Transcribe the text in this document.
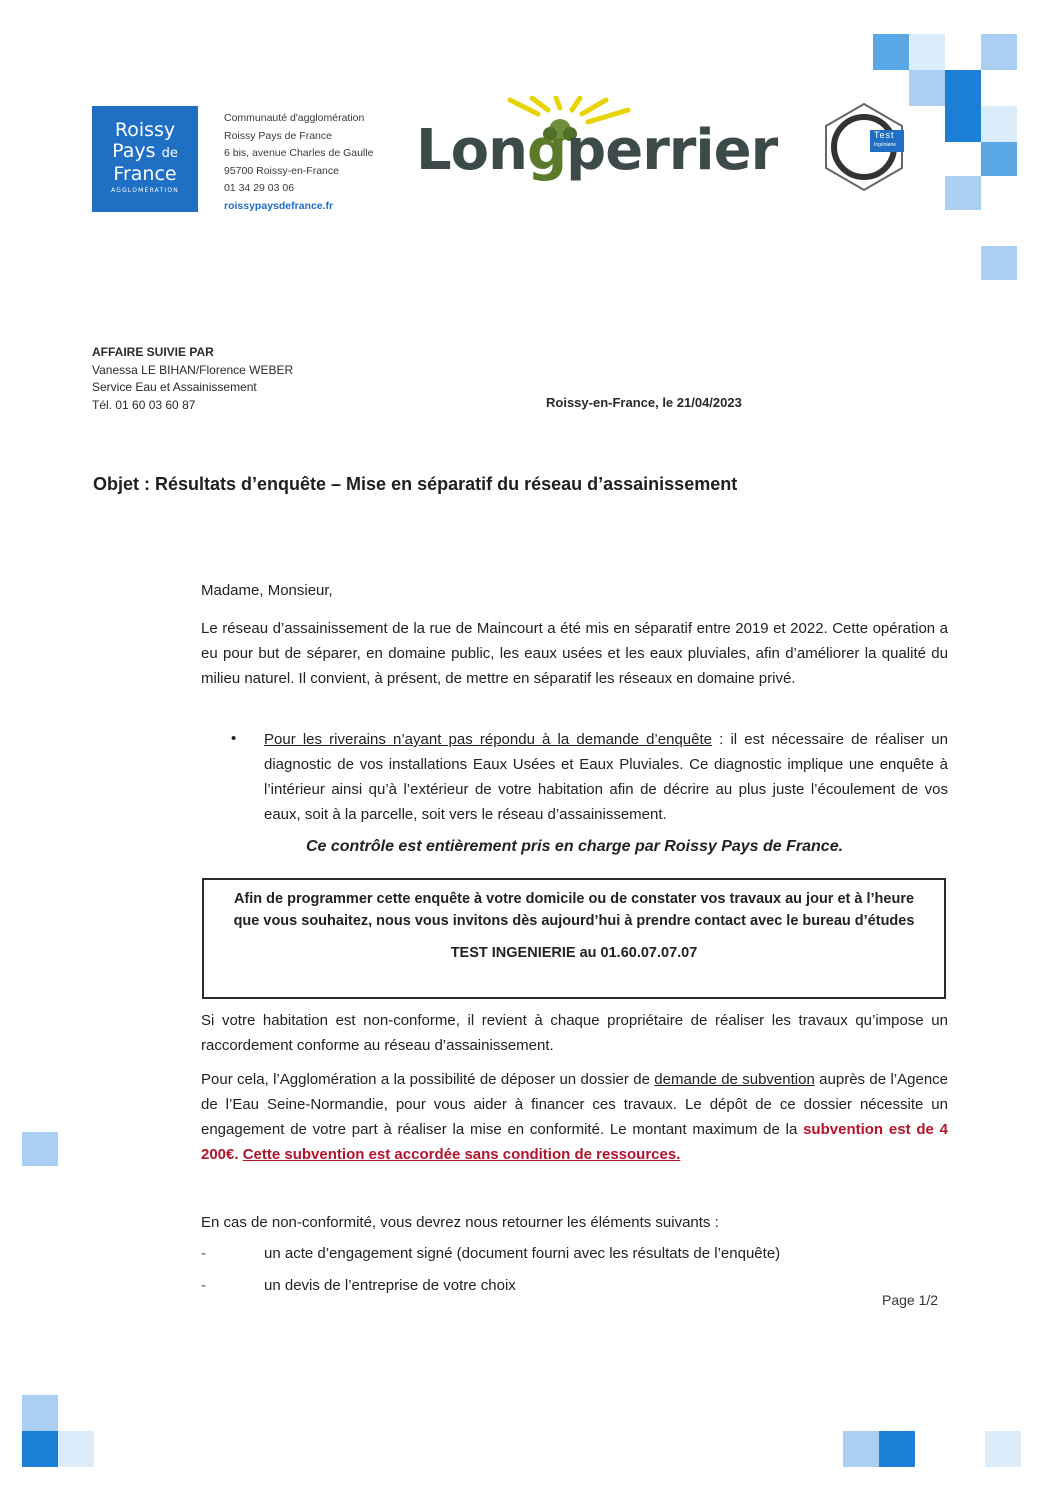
Roissy
Pays de
France
AGGLOMÉRATION
Communauté d'agglomération
Roissy Pays de France
6 bis, avenue Charles de Gaulle
95700 Roissy-en-France
01 34 29 03 06
roissypaysdefrance.fr
Longperrier	Test
Ingénierie
AFFAIRE SUIVIE PAR
Vanessa LE BIHAN/Florence WEBER
Service Eau et Assainissement
Tél. 01 60 03 60 87	Roissy-en-France, le 21/04/2023
Objet : Résultats d’enquête – Mise en séparatif du réseau d’assainissement
Madame, Monsieur,
Le réseau d’assainissement de la rue de Maincourt a été mis en séparatif entre 2019 et 2022. Cette opération a eu pour but de séparer, en domaine public, les eaux usées et les eaux pluviales, afin d’améliorer la qualité du milieu naturel. Il convient, à présent, de mettre en séparatif les réseaux en domaine privé.
• Pour les riverains n’ayant pas répondu à la demande d’enquête : il est nécessaire de réaliser un diagnostic de vos installations Eaux Usées et Eaux Pluviales. Ce diagnostic implique une enquête à l’intérieur ainsi qu’à l’extérieur de votre habitation afin de décrire au plus juste l’écoulement de vos eaux, soit à la parcelle, soit vers le réseau d’assainissement.
Ce contrôle est entièrement pris en charge par Roissy Pays de France.
Afin de programmer cette enquête à votre domicile ou de constater vos travaux au jour et à l’heure que vous souhaitez, nous vous invitons dès aujourd’hui à prendre contact avec le bureau d’études
TEST INGENIERIE au 01.60.07.07.07
Si votre habitation est non-conforme, il revient à chaque propriétaire de réaliser les travaux qu’impose un raccordement conforme au réseau d’assainissement.
Pour cela, l’Agglomération a la possibilité de déposer un dossier de demande de subvention auprès de l’Agence de l’Eau Seine-Normandie, pour vous aider à financer ces travaux. Le dépôt de ce dossier nécessite un engagement de votre part à réaliser la mise en conformité. Le montant maximum de la subvention est de 4 200€. Cette subvention est accordée sans condition de ressources.
En cas de non-conformité, vous devrez nous retourner les éléments suivants :
-	un acte d’engagement signé (document fourni avec les résultats de l’enquête)
-	un devis de l’entreprise de votre choix
Page 1/2
